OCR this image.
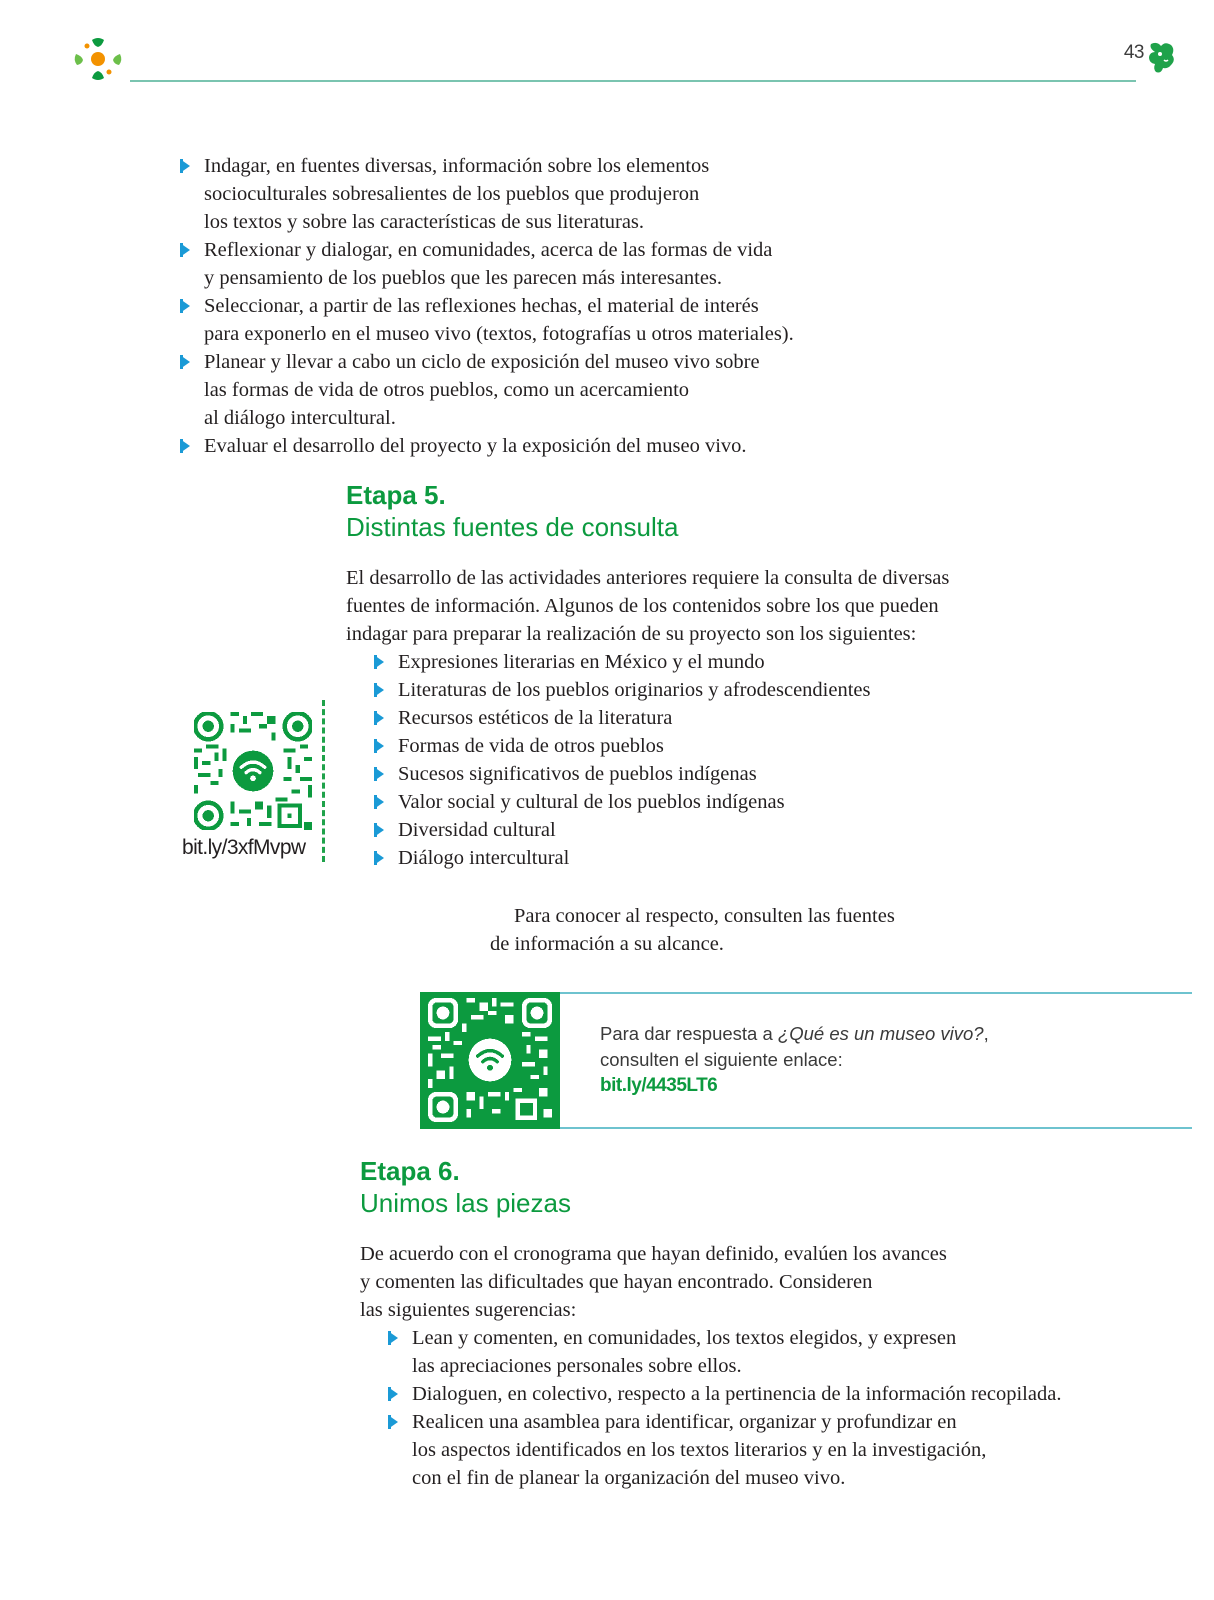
43
Indagar, en fuentes diversas, información sobre los elementos
socioculturales sobresalientes de los pueblos que produjeron
los textos y sobre las características de sus literaturas.
Reflexionar y dialogar, en comunidades, acerca de las formas de vida
y pensamiento de los pueblos que les parecen más interesantes.
Seleccionar, a partir de las reflexiones hechas, el material de interés
para exponerlo en el museo vivo (textos, fotografías u otros materiales).
Planear y llevar a cabo un ciclo de exposición del museo vivo sobre
las formas de vida de otros pueblos, como un acercamiento
al diálogo intercultural.
Evaluar el desarrollo del proyecto y la exposición del museo vivo.
Etapa 5.
Distintas fuentes de consulta
El desarrollo de las actividades anteriores requiere la consulta de diversas
fuentes de información. Algunos de los contenidos sobre los que pueden
indagar para preparar la realización de su proyecto son los siguientes:
Expresiones literarias en México y el mundo
Literaturas de los pueblos originarios y afrodescendientes
Recursos estéticos de la literatura
Formas de vida de otros pueblos
Sucesos significativos de pueblos indígenas
Valor social y cultural de los pueblos indígenas
Diversidad cultural
Diálogo intercultural
bit.ly/3xfMvpw
Para conocer al respecto, consulten las fuentes
de información a su alcance.
Para dar respuesta a ¿Qué es un museo vivo?,
consulten el siguiente enlace:
bit.ly/4435LT6
Etapa 6.
Unimos las piezas
De acuerdo con el cronograma que hayan definido, evalúen los avances
y comenten las dificultades que hayan encontrado. Consideren
las siguientes sugerencias:
Lean y comenten, en comunidades, los textos elegidos, y expresen
las apreciaciones personales sobre ellos.
Dialoguen, en colectivo, respecto a la pertinencia de la información recopilada.
Realicen una asamblea para identificar, organizar y profundizar en
los aspectos identificados en los textos literarios y en la investigación,
con el fin de planear la organización del museo vivo.
